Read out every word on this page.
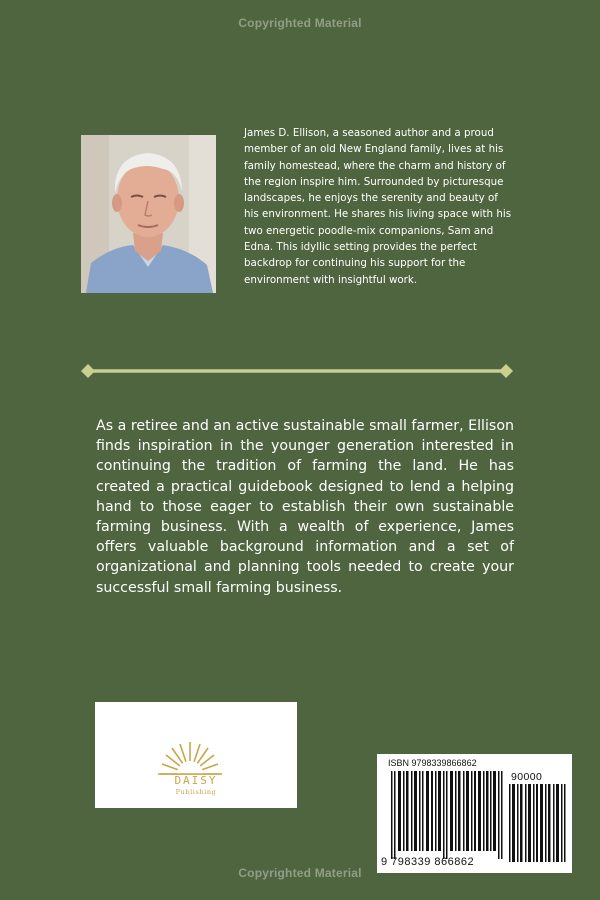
Copyrighted Material
James D. Ellison, a seasoned author and a proud member of an old New England family, lives at his family homestead, where the charm and history of the region inspire him. Surrounded by picturesque landscapes, he enjoys the serenity and beauty of his environment. He shares his living space with his two energetic poodle-mix companions, Sam and Edna. This idyllic setting provides the perfect backdrop for continuing his support for the environment with insightful work.
As a retiree and an active sustainable small farmer, Ellison finds inspiration in the younger generation interested in continuing the tradition of farming the land. He has created a practical guidebook designed to lend a helping hand to those eager to establish their own sustainable farming business. With a wealth of experience, James offers valuable background information and a set of organizational and planning tools needed to create your successful small farming business.
DAISY
Publishing
ISBN 9798339866862
90000
9 798339 866862
Copyrighted Material
